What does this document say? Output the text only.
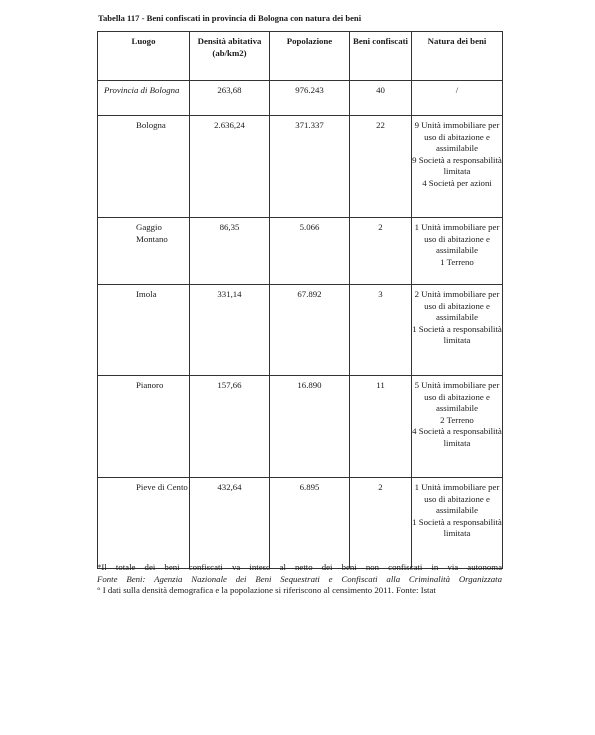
Tabella 117 - Beni confiscati in provincia di Bologna con natura dei beni
Luogo	Densità abitativa (ab/km2)	Popolazione	Beni confiscati	Natura dei beni
Provincia di Bologna	263,68	976.243	40	/

Bologna	2.636,24	371.337	22	9 Unità immobiliare per uso di abitazione e assimilabile
9 Società a responsabilità limitata
4 Società per azioni

Gaggio Montano	86,35	5.066	2	1 Unità immobiliare per uso di abitazione e assimilabile
1 Terreno

Imola	331,14	67.892	3	2 Unità immobiliare per uso di abitazione e assimilabile
1 Società a responsabilità limitata

Pianoro	157,66	16.890	11	5 Unità immobiliare per uso di abitazione e assimilabile
2 Terreno
4 Società a responsabilità limitata

Pieve di Cento	432,64	6.895	2	1 Unità immobiliare per uso di abitazione e assimilabile
1 Società a responsabilità limitata
*Il totale dei beni confiscati va inteso al netto dei beni non confiscati in via autonoma
Fonte Beni: Agenzia Nazionale dei Beni Sequestrati e Confiscati alla Criminalità Organizzata
° I dati sulla densità demografica e la popolazione si riferiscono al censimento 2011. Fonte: Istat
